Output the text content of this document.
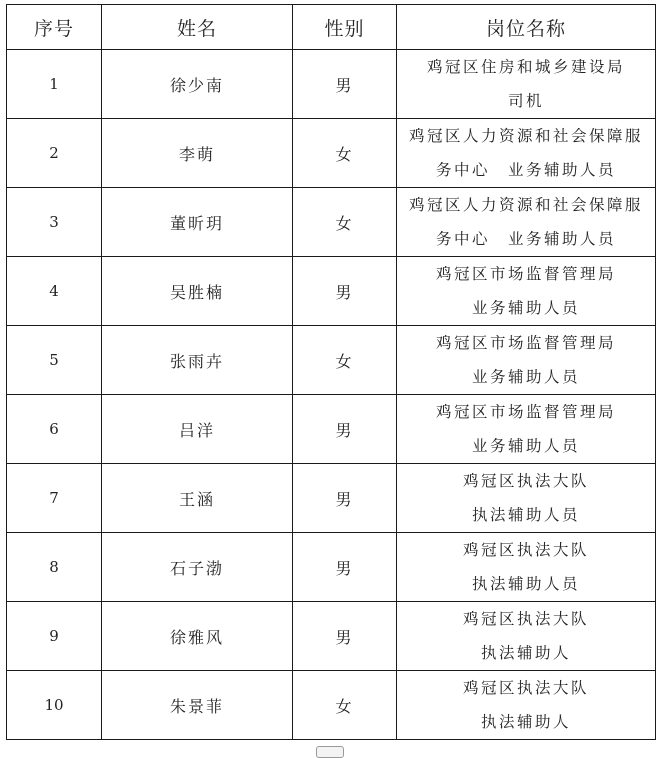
序号	姓名	性别	岗位名称
1	徐少南	男	鸡冠区住房和城乡建设局
司机

2	李萌	女	鸡冠区人力资源和社会保障服
务中心　业务辅助人员

3	董昕玥	女	鸡冠区人力资源和社会保障服
务中心　业务辅助人员

4	吴胜楠	男	鸡冠区市场监督管理局
业务辅助人员

5	张雨卉	女	鸡冠区市场监督管理局
业务辅助人员

6	吕洋	男	鸡冠区市场监督管理局
业务辅助人员

7	王涵	男	鸡冠区执法大队
执法辅助人员

8	石子渤	男	鸡冠区执法大队
执法辅助人员

9	徐雅风	男	鸡冠区执法大队
执法辅助人

10	朱景菲	女	鸡冠区执法大队
执法辅助人
